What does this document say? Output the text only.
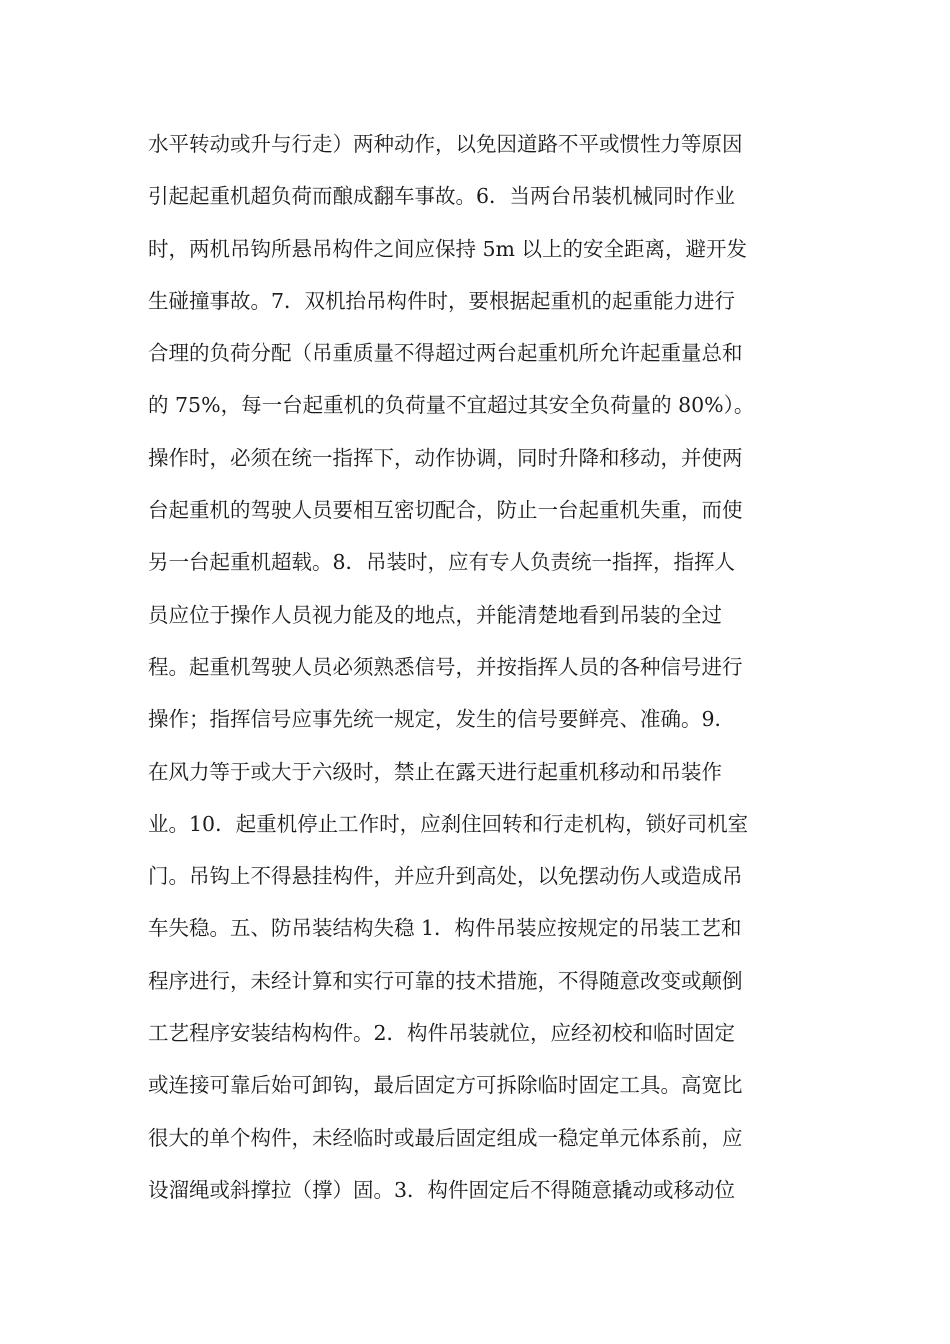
水平转动或升与行走）两种动作，以免因道路不平或惯性力等原因
引起起重机超负荷而酿成翻车事故。6．当两台吊装机械同时作业
时，两机吊钩所悬吊构件之间应保持 5m 以上的安全距离，避开发
生碰撞事故。7．双机抬吊构件时，要根据起重机的起重能力进行
合理的负荷分配（吊重质量不得超过两台起重机所允许起重量总和
的 75%，每一台起重机的负荷量不宜超过其安全负荷量的 80%）。
操作时，必须在统一指挥下，动作协调，同时升降和移动，并使两
台起重机的驾驶人员要相互密切配合，防止一台起重机失重，而使
另一台起重机超载。8．吊装时，应有专人负责统一指挥，指挥人
员应位于操作人员视力能及的地点，并能清楚地看到吊装的全过
程。起重机驾驶人员必须熟悉信号，并按指挥人员的各种信号进行
操作；指挥信号应事先统一规定，发生的信号要鲜亮、准确。9．
在风力等于或大于六级时，禁止在露天进行起重机移动和吊装作
业。10．起重机停止工作时，应刹住回转和行走机构，锁好司机室
门。吊钩上不得悬挂构件，并应升到高处，以免摆动伤人或造成吊
车失稳。五、防吊装结构失稳 1．构件吊装应按规定的吊装工艺和
程序进行，未经计算和实行可靠的技术措施，不得随意改变或颠倒
工艺程序安装结构构件。2．构件吊装就位，应经初校和临时固定
或连接可靠后始可卸钩，最后固定方可拆除临时固定工具。高宽比
很大的单个构件，未经临时或最后固定组成一稳定单元体系前，应
设溜绳或斜撑拉（撑）固。3．构件固定后不得随意撬动或移动位
